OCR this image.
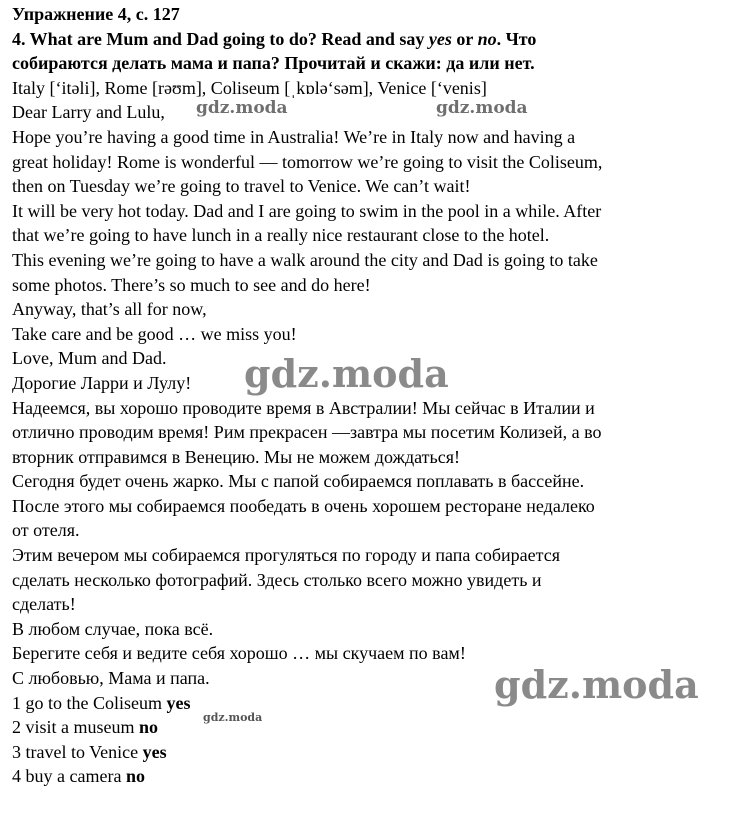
Упражнение 4, с. 127
4. What are Mum and Dad going to do? Read and say yes or no. Что
собираются делать мама и папа? Прочитай и скажи: да или нет.
Italy [ʻitəli], Rome [rəʊm], Coliseum [ˌkɒləʻsəm], Venice [ʻvenis]
Dear Larry and Lulu,
Hope you’re having a good time in Australia! We’re in Italy now and having a
great holiday! Rome is wonderful — tomorrow we’re going to visit the Coliseum,
then on Tuesday we’re going to travel to Venice. We can’t wait!
It will be very hot today. Dad and I are going to swim in the pool in a while. After
that we’re going to have lunch in a really nice restaurant close to the hotel.
This evening we’re going to have a walk around the city and Dad is going to take
some photos. There’s so much to see and do here!
Anyway, that’s all for now,
Take care and be good … we miss you!
Love, Mum and Dad.
Дорогие Ларри и Лулу!
Надеемся, вы хорошо проводите время в Австралии! Мы сейчас в Италии и
отлично проводим время! Рим прекрасен —завтра мы посетим Колизей, а во
вторник отправимся в Венецию. Мы не можем дождаться!
Сегодня будет очень жарко. Мы с папой собираемся поплавать в бассейне.
После этого мы собираемся пообедать в очень хорошем ресторане недалеко
от отеля.
Этим вечером мы собираемся прогуляться по городу и папа собирается
сделать несколько фотографий. Здесь столько всего можно увидеть и
сделать!
В любом случае, пока всё.
Берегите себя и ведите себя хорошо … мы скучаем по вам!
С любовью, Мама и папа.
1 go to the Coliseum yes
2 visit a museum no
3 travel to Venice yes
4 buy a camera no
gdz.moda	gdz.moda
gdz.moda
gdz.moda
gdz.moda
